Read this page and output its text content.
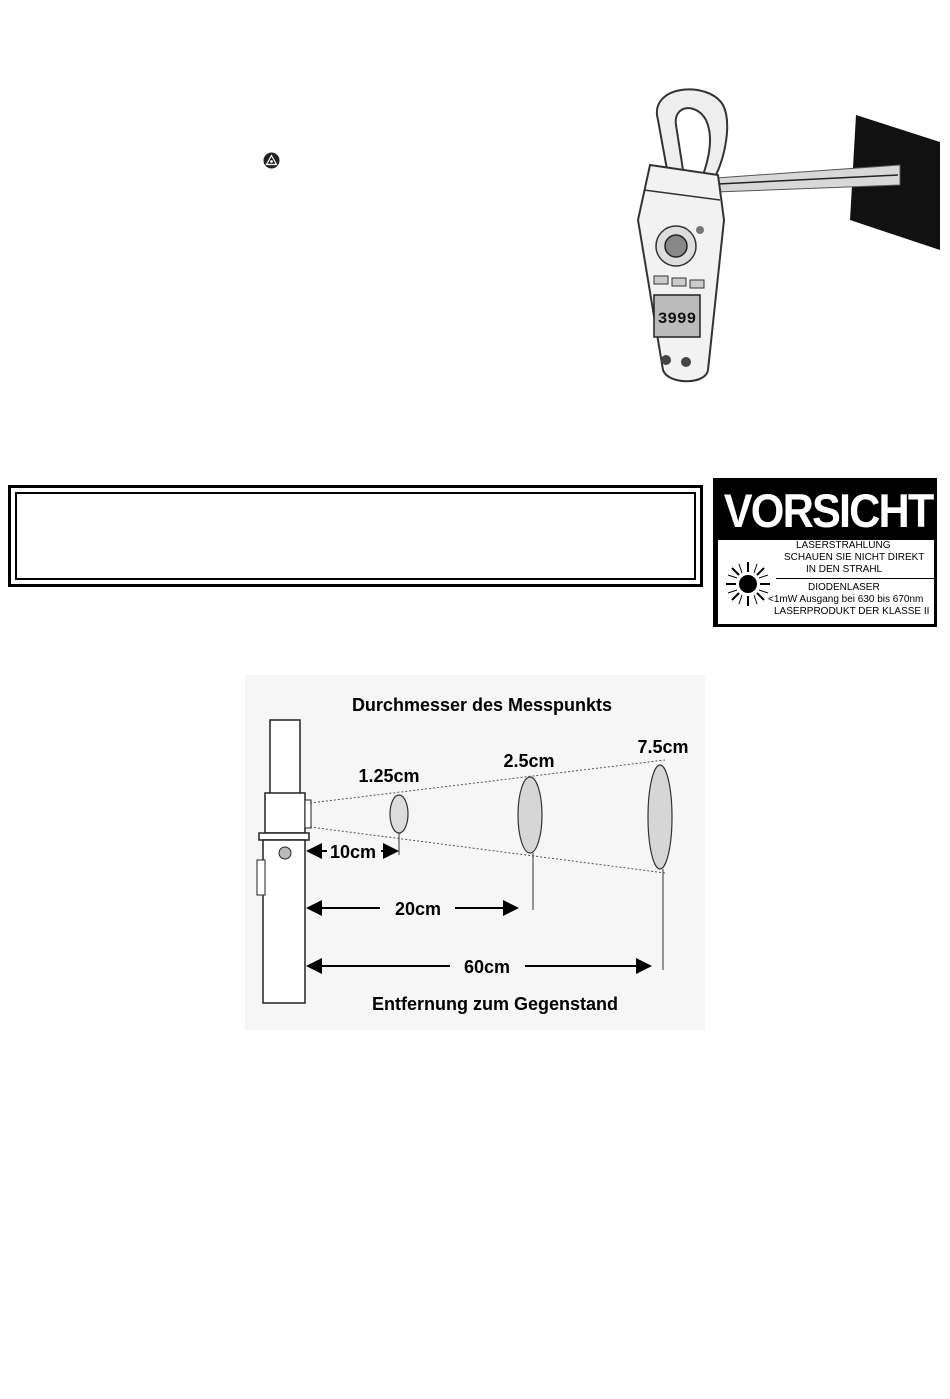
3999
VORSICHT
LASERSTRAHLUNG
SCHAUEN SIE NICHT DIREKT
IN DEN STRAHL
DIODENLASER
<1mW Ausgang bei 630 bis 670nm
LASERPRODUKT DER KLASSE II
Durchmesser des Messpunkts
1.25cm
2.5cm
7.5cm
10cm
20cm
60cm
Entfernung zum Gegenstand
